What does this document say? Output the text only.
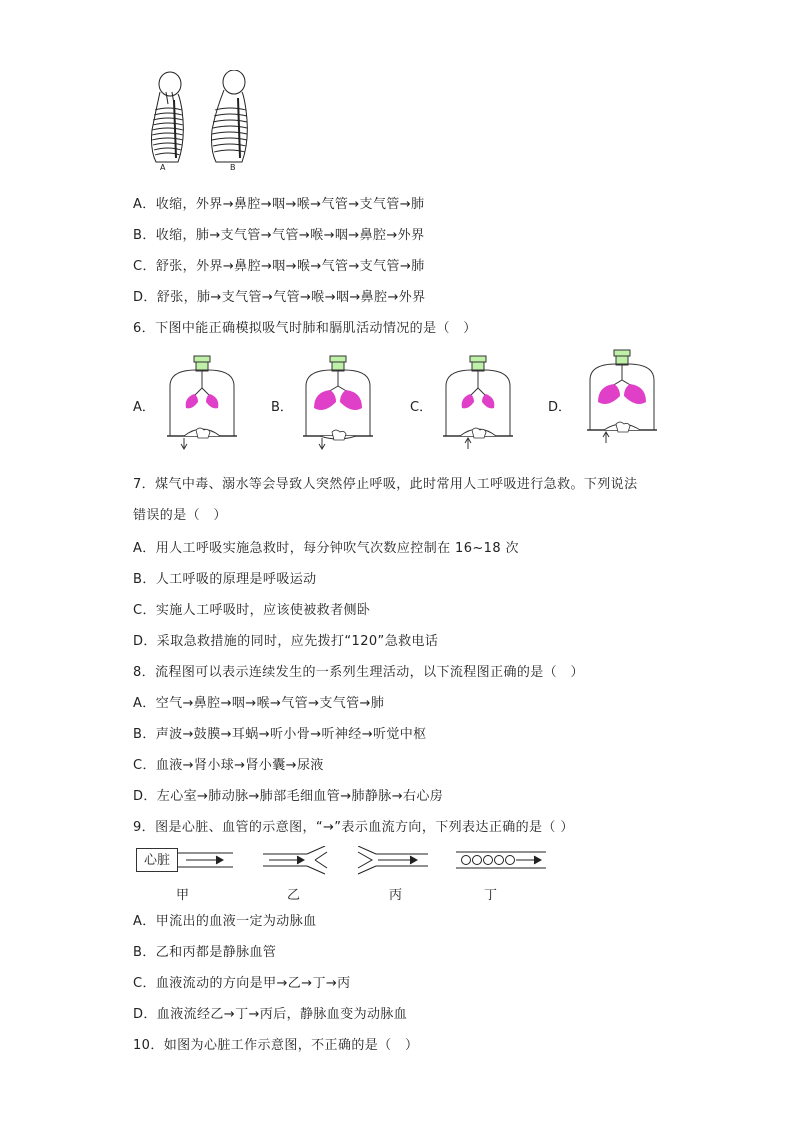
A	B
A．收缩，外界→鼻腔→咽→喉→气管→支气管→肺
B．收缩，肺→支气管→气管→喉→咽→鼻腔→外界
C．舒张，外界→鼻腔→咽→喉→气管→支气管→肺
D．舒张，肺→支气管→气管→喉→咽→鼻腔→外界
6．下图中能正确模拟吸气时肺和膈肌活动情况的是（　）
A．	B．	C．	D．
7．煤气中毒、溺水等会导致人突然停止呼吸，此时常用人工呼吸进行急救。下列说法
错误的是（　）
A．用人工呼吸实施急救时，每分钟吹气次数应控制在 16~18 次
B．人工呼吸的原理是呼吸运动
C．实施人工呼吸时，应该使被救者侧卧
D．采取急救措施的同时，应先拨打“120”急救电话
8．流程图可以表示连续发生的一系列生理活动，以下流程图正确的是（　）
A．空气→鼻腔→咽→喉→气管→支气管→肺
B．声波→鼓膜→耳蜗→听小骨→听神经→听觉中枢
C．血液→肾小球→肾小囊→尿液
D．左心室→肺动脉→肺部毛细血管→肺静脉→右心房
9．图是心脏、血管的示意图，“→”表示血流方向，下列表达正确的是（ ）
心脏
甲	乙	丙	丁
A．甲流出的血液一定为动脉血
B．乙和丙都是静脉血管
C．血液流动的方向是甲→乙→丁→丙
D．血液流经乙→丁→丙后，静脉血变为动脉血
10．如图为心脏工作示意图，不正确的是（　）
